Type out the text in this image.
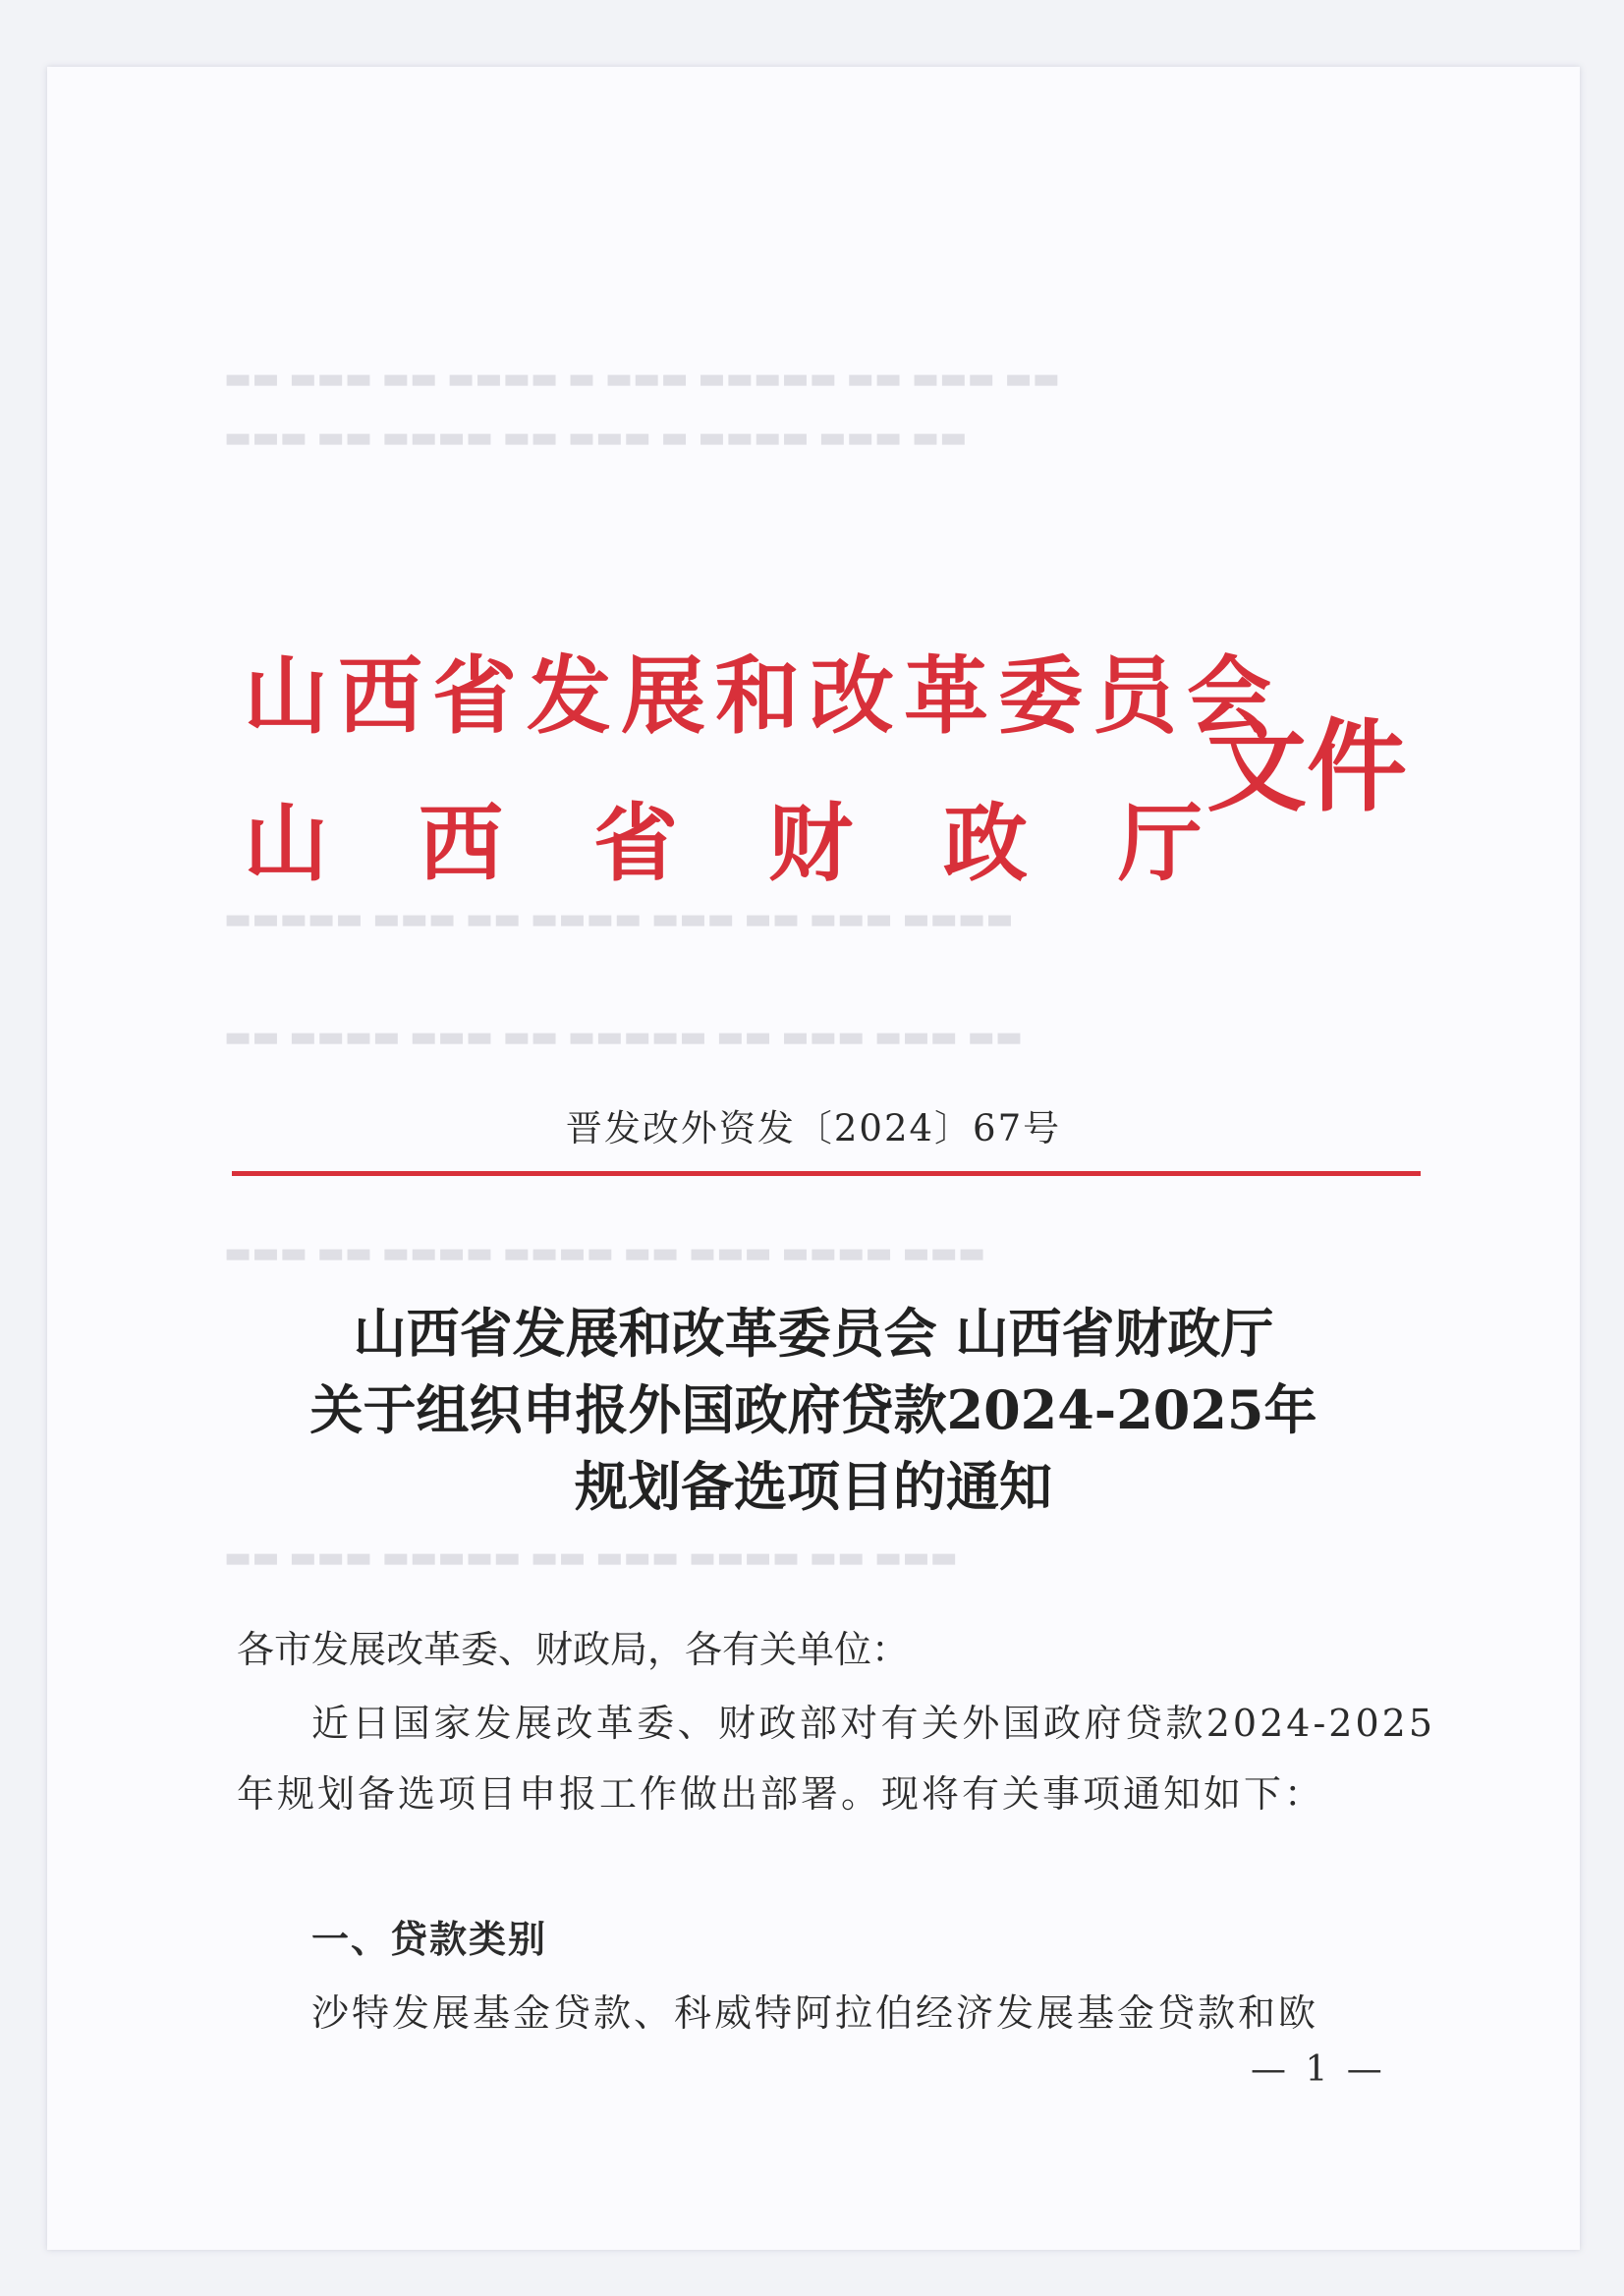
▬▬ ▬▬▬ ▬▬ ▬▬▬▬ ▬ ▬▬▬ ▬▬▬▬▬ ▬▬ ▬▬▬ ▬▬
▬▬▬ ▬▬ ▬▬▬▬ ▬▬ ▬▬▬ ▬ ▬▬▬▬ ▬▬▬ ▬▬
▬▬▬▬▬ ▬▬▬ ▬▬ ▬▬▬▬ ▬▬▬ ▬▬ ▬▬▬ ▬▬▬▬
▬▬ ▬▬▬▬ ▬▬▬ ▬▬ ▬▬▬▬▬ ▬▬ ▬▬▬ ▬▬▬ ▬▬
▬▬▬ ▬▬ ▬▬▬▬ ▬▬▬▬ ▬▬ ▬▬▬ ▬▬▬▬ ▬▬▬
▬▬ ▬▬▬ ▬▬▬▬▬ ▬▬ ▬▬▬ ▬▬▬▬ ▬▬ ▬▬▬
山西省发展和改革委员会
山西省财政厅
文件
晋发改外资发〔2024〕67号
山西省发展和改革委员会 山西省财政厅
关于组织申报外国政府贷款2024-2025年
规划备选项目的通知
各市发展改革委、财政局，各有关单位：
近日国家发展改革委、财政部对有关外国政府贷款2024-2025年规划备选项目申报工作做出部署。现将有关事项通知如下：
一、贷款类别
沙特发展基金贷款、科威特阿拉伯经济发展基金贷款和欧
— 1 —
